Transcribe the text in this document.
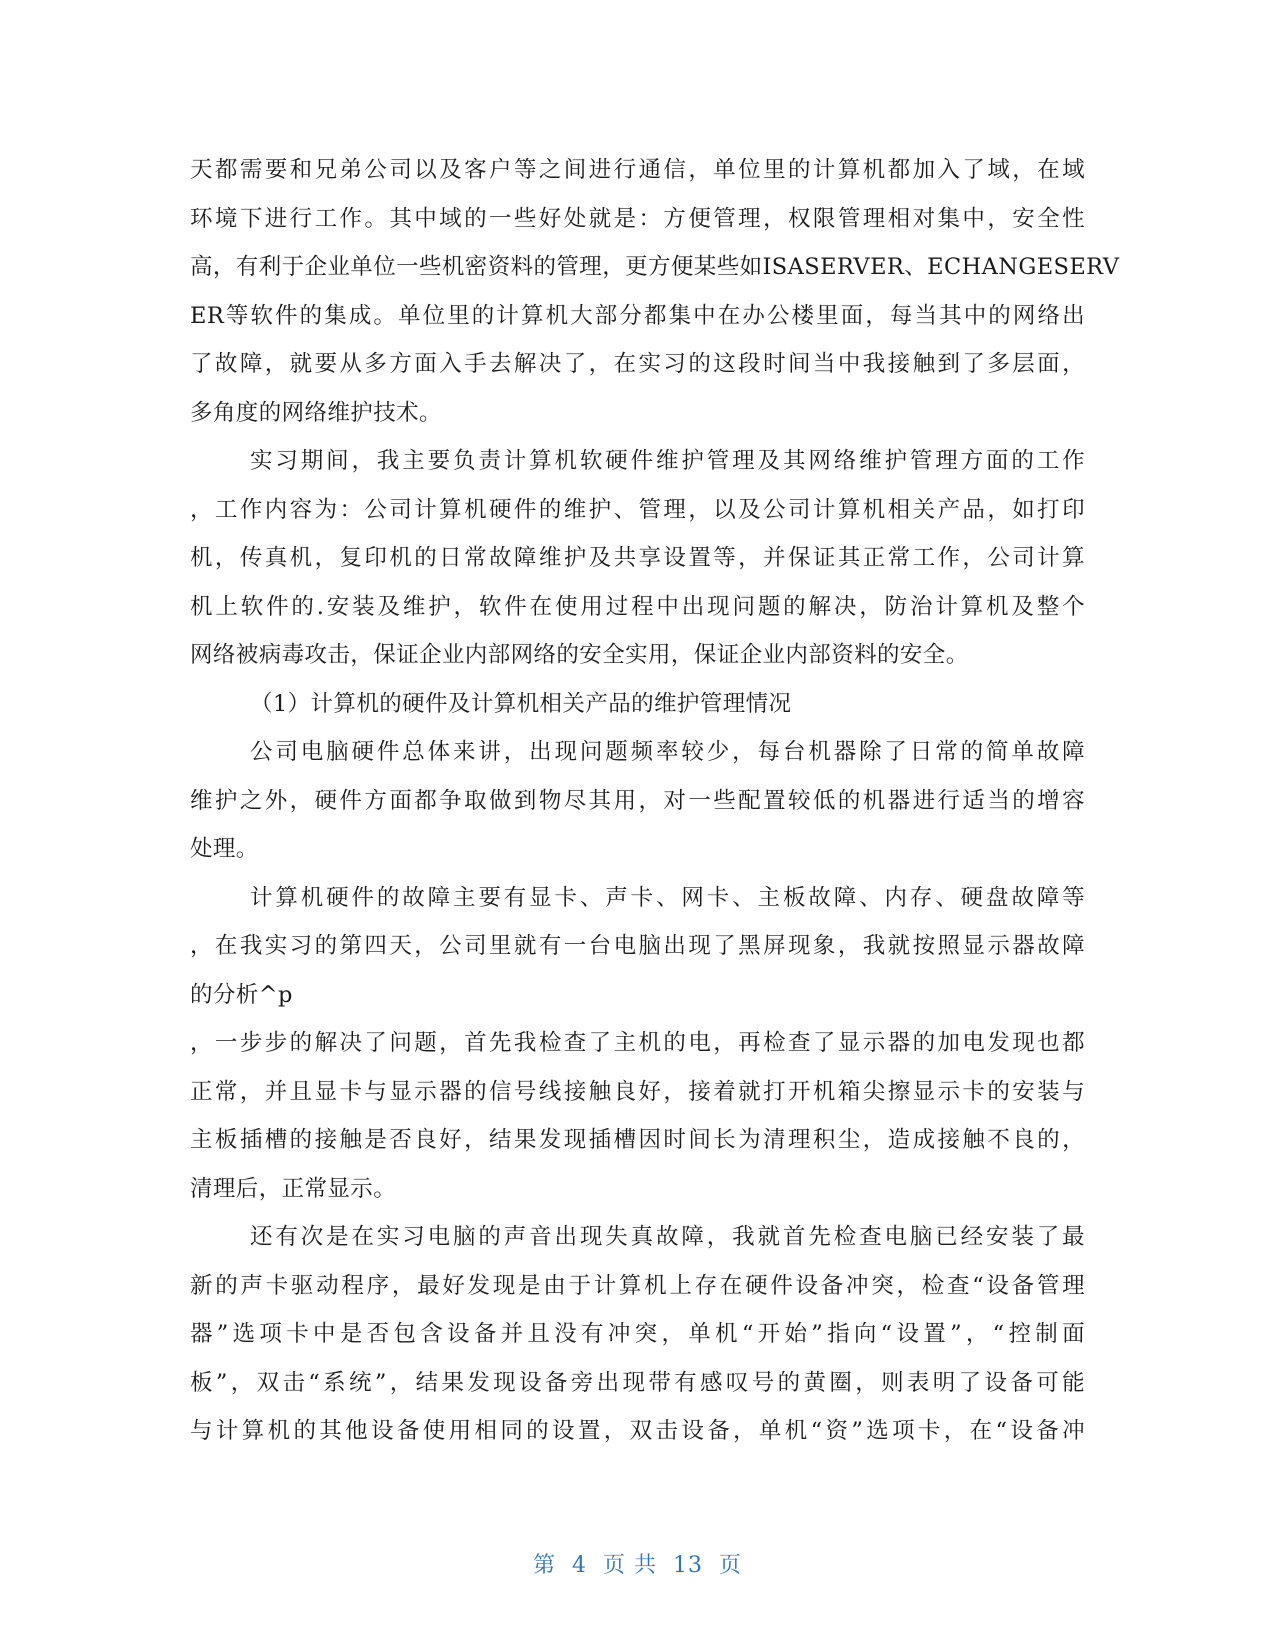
天都需要和兄弟公司以及客户等之间进行通信，单位里的计算机都加入了域，在域
环境下进行工作。其中域的一些好处就是：方便管理，权限管理相对集中，安全性
高，有利于企业单位一些机密资料的管理，更方便某些如ISASERVER、ECHANGESERV
ER等软件的集成。单位里的计算机大部分都集中在办公楼里面，每当其中的网络出
了故障，就要从多方面入手去解决了，在实习的这段时间当中我接触到了多层面，
多角度的网络维护技术。
实习期间，我主要负责计算机软硬件维护管理及其网络维护管理方面的工作
，工作内容为：公司计算机硬件的维护、管理，以及公司计算机相关产品，如打印
机，传真机，复印机的日常故障维护及共享设置等，并保证其正常工作，公司计算
机上软件的.安装及维护，软件在使用过程中出现问题的解决，防治计算机及整个
网络被病毒攻击，保证企业内部网络的安全实用，保证企业内部资料的安全。
（1）计算机的硬件及计算机相关产品的维护管理情况
公司电脑硬件总体来讲，出现问题频率较少，每台机器除了日常的简单故障
维护之外，硬件方面都争取做到物尽其用，对一些配置较低的机器进行适当的增容
处理。
计算机硬件的故障主要有显卡、声卡、网卡、主板故障、内存、硬盘故障等
，在我实习的第四天，公司里就有一台电脑出现了黑屏现象，我就按照显示器故障
的分析^p
，一步步的解决了问题，首先我检查了主机的电，再检查了显示器的加电发现也都
正常，并且显卡与显示器的信号线接触良好，接着就打开机箱尖擦显示卡的安装与
主板插槽的接触是否良好，结果发现插槽因时间长为清理积尘，造成接触不良的，
清理后，正常显示。
还有次是在实习电脑的声音出现失真故障，我就首先检查电脑已经安装了最
新的声卡驱动程序，最好发现是由于计算机上存在硬件设备冲突，检查“设备管理
器”选项卡中是否包含设备并且没有冲突，单机“开始”指向“设置”，“控制面
板”，双击“系统”，结果发现设备旁出现带有感叹号的黄圈，则表明了设备可能
与计算机的其他设备使用相同的设置，双击设备，单机“资”选项卡，在“设备冲
第 4 页 共 13 页
